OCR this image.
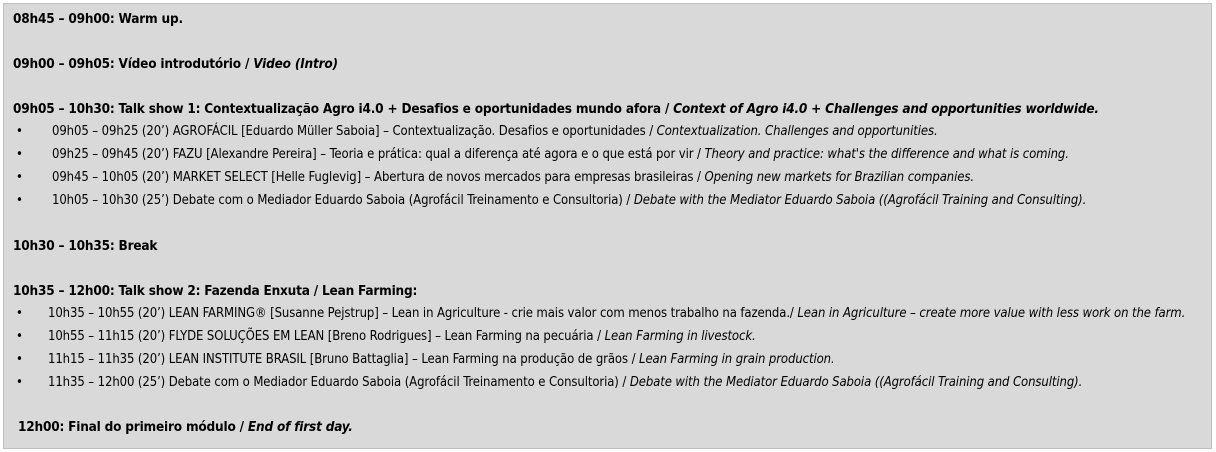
08h45 – 09h00: Warm up.
09h00 – 09h05: Vídeo introdutório / Video (Intro)
09h05 – 10h30: Talk show 1: Contextualização Agro i4.0 + Desafios e oportunidades mundo afora / Context of Agro i4.0 + Challenges and opportunities worldwide.
• 09h05 – 09h25 (20’) AGROFÁCIL [Eduardo Müller Saboia] – Contextualização. Desafios e oportunidades / Contextualization. Challenges and opportunities.
• 09h25 – 09h45 (20’) FAZU [Alexandre Pereira] – Teoria e prática: qual a diferença até agora e o que está por vir / Theory and practice: what's the difference and what is coming.
• 09h45 – 10h05 (20’) MARKET SELECT [Helle Fuglevig] – Abertura de novos mercados para empresas brasileiras / Opening new markets for Brazilian companies.
• 10h05 – 10h30 (25’) Debate com o Mediador Eduardo Saboia (Agrofácil Treinamento e Consultoria) / Debate with the Mediator Eduardo Saboia ((Agrofácil Training and Consulting).
10h30 – 10h35: Break
10h35 – 12h00: Talk show 2: Fazenda Enxuta / Lean Farming:
• 10h35 – 10h55 (20’) LEAN FARMING® [Susanne Pejstrup] – Lean in Agriculture - crie mais valor com menos trabalho na fazenda./ Lean in Agriculture – create more value with less work on the farm.
• 10h55 – 11h15 (20’) FLYDE SOLUÇÕES EM LEAN [Breno Rodrigues] – Lean Farming na pecuária / Lean Farming in livestock.
• 11h15 – 11h35 (20’) LEAN INSTITUTE BRASIL [Bruno Battaglia] – Lean Farming na produção de grãos / Lean Farming in grain production.
• 11h35 – 12h00 (25’) Debate com o Mediador Eduardo Saboia (Agrofácil Treinamento e Consultoria) / Debate with the Mediator Eduardo Saboia ((Agrofácil Training and Consulting).
12h00: Final do primeiro módulo / End of first day.
